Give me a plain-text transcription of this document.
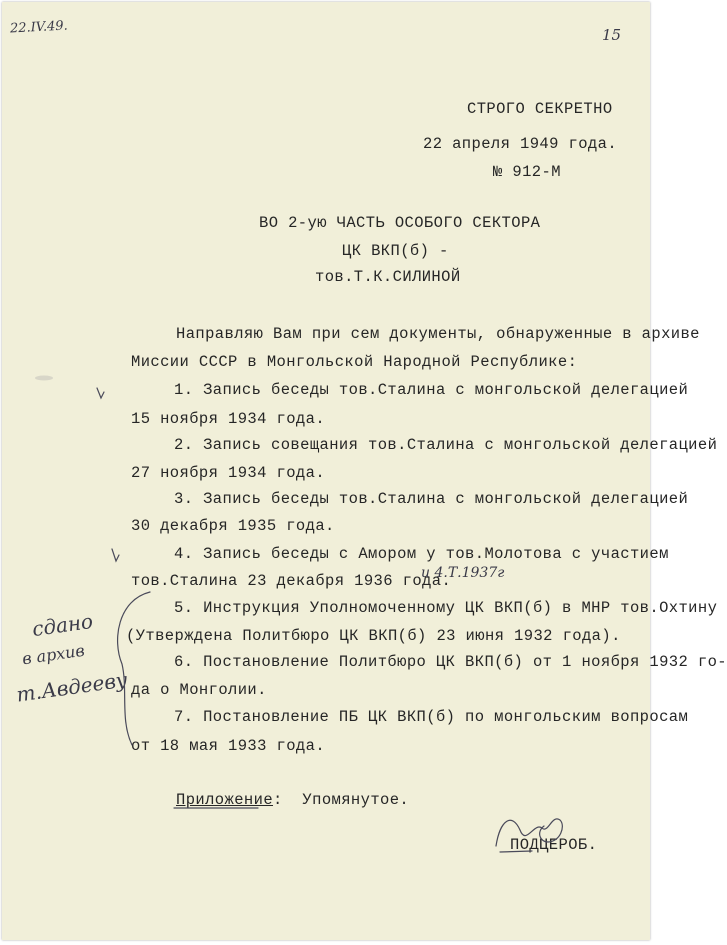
22.IV.49.	15
СТРОГО СЕКРЕТНО
22 апреля 1949 года.
№ 912-М
ВО 2-ую ЧАСТЬ ОСОБОГО СЕКТОРА
ЦК ВКП(б) -
тов.Т.К.СИЛИНОЙ
Направляю Вам при сем документы, обнаруженные в архиве
Миссии СССР в Монгольской Народной Республике:
1. Запись беседы тов.Сталина с монгольской делегацией
15 ноября 1934 года.
2. Запись совещания тов.Сталина с монгольской делегацией
27 ноября 1934 года.
3. Запись беседы тов.Сталина с монгольской делегацией
30 декабря 1935 года.
4. Запись беседы с Амором у тов.Молотова с участием
тов.Сталина 23 декабря 1936 года.
и 4.Т.1937г
5. Инструкция Уполномоченному ЦК ВКП(б) в МНР тов.Охтину
(Утверждена Политбюро ЦК ВКП(б) 23 июня 1932 года).
6. Постановление Политбюро ЦК ВКП(б) от 1 ноября 1932 го-
да о Монголии.
7. Постановление ПБ ЦК ВКП(б) по монгольским вопросам
от 18 мая 1933 года.
сдано
в архив
т.Авдееву
Приложение: Упомянутое.
ПОДЦЕРОБ.
